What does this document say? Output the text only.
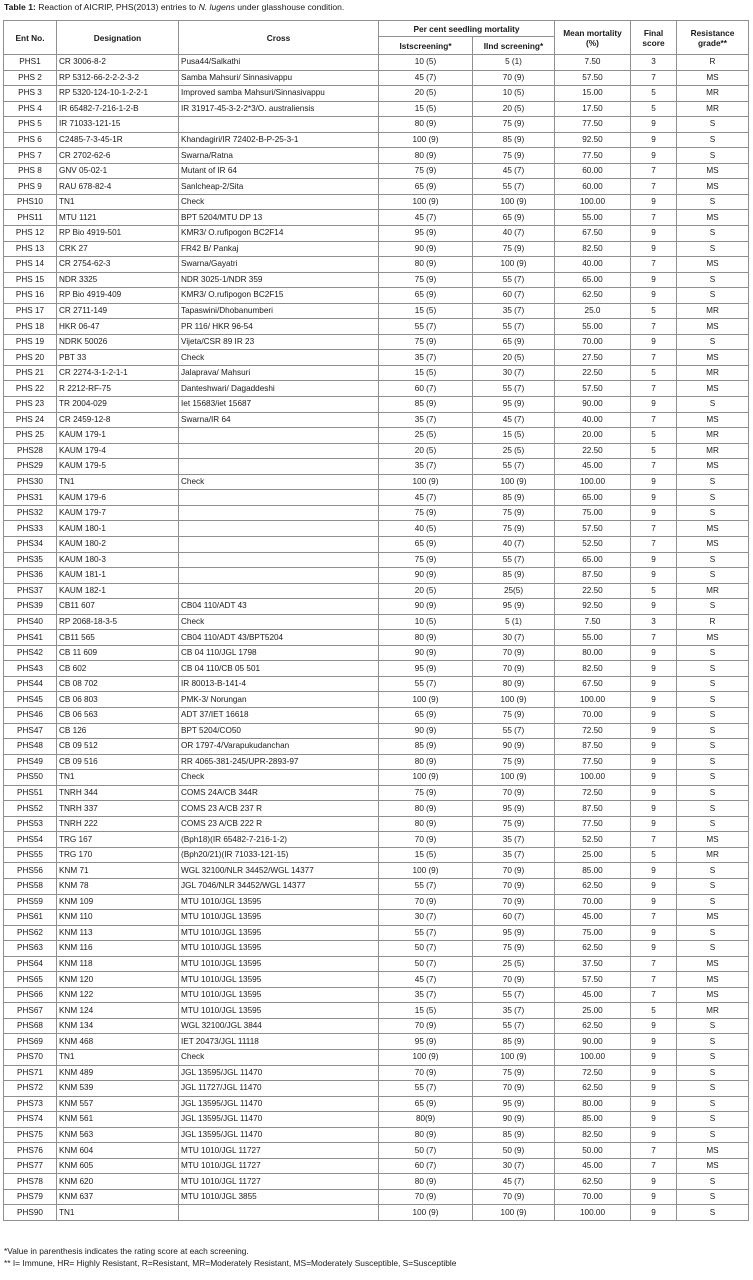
Table 1: Reaction of AICRIP, PHS(2013) entries to N. lugens under glasshouse condition.
Ent No.	Designation	Cross	Per cent seedling mortality		Mean mortality (%)	Final score	Resistance grade**
			Istscreening*	IInd screening*			
PHS1	CR 3006-8-2	Pusa44/Salkathi	10 (5)	5 (1)	7.50	3	R
PHS 2	RP 5312-66-2-2-2-3-2	Samba Mahsuri/ Sinnasivappu	45 (7)	70 (9)	57.50	7	MS
PHS 3	RP 5320-124-10-1-2-2-1	Improved samba Mahsuri/Sinnasivappu	20 (5)	10 (5)	15.00	5	MR
PHS 4	IR 65482-7-216-1-2-B	IR 31917-45-3-2-2*3/O. australiensis	15 (5)	20 (5)	17.50	5	MR
PHS 5	IR 71033-121-15		80 (9)	75 (9)	77.50	9	S
PHS 6	C2485-7-3-45-1R	Khandagiri/IR 72402-B-P-25-3-1	100 (9)	85 (9)	92.50	9	S
PHS 7	CR 2702-62-6	Swarna/Ratna	80 (9)	75 (9)	77.50	9	S
PHS 8	GNV 05-02-1	Mutant of IR 64	75 (9)	45 (7)	60.00	7	MS
PHS 9	RAU 678-82-4	Sanlcheap-2/Sita	65 (9)	55 (7)	60.00	7	MS
PHS10	TN1	Check	100 (9)	100 (9)	100.00	9	S
PHS11	MTU 1121	BPT 5204/MTU DP 13	45 (7)	65 (9)	55.00	7	MS
PHS 12	RP Bio 4919-501	KMR3/ O.rufipogon BC2F14	95 (9)	40 (7)	67.50	9	S
PHS 13	CRK 27	FR42 B/ Pankaj	90 (9)	75 (9)	82.50	9	S
PHS 14	CR 2754-62-3	Swarna/Gayatri	80 (9)	100 (9)	40.00	7	MS
PHS 15	NDR 3325	NDR 3025-1/NDR 359	75 (9)	55 (7)	65.00	9	S
PHS 16	RP Bio 4919-409	KMR3/ O.rufipogon BC2F15	65 (9)	60 (7)	62.50	9	S
PHS 17	CR 2711-149	Tapaswini/Dhobanumberi	15 (5)	35 (7)	25.0	5	MR
PHS 18	HKR 06-47	PR 116/ HKR 96-54	55 (7)	55 (7)	55.00	7	MS
PHS 19	NDRK 50026	Vijeta/CSR 89 IR 23	75 (9)	65 (9)	70.00	9	S
PHS 20	PBT 33	Check	35 (7)	20 (5)	27.50	7	MS
PHS 21	CR 2274-3-1-2-1-1	Jalaprava/ Mahsuri	15 (5)	30 (7)	22.50	5	MR
PHS 22	R 2212-RF-75	Danteshwari/ Dagaddeshi	60 (7)	55 (7)	57.50	7	MS
PHS 23	TR 2004-029	Iet 15683/iet 15687	85 (9)	95 (9)	90.00	9	S
PHS 24	CR 2459-12-8	Swarna/IR 64	35 (7)	45 (7)	40.00	7	MS
PHS 25	KAUM 179-1		25 (5)	15 (5)	20.00	5	MR
PHS28	KAUM 179-4		20 (5)	25 (5)	22.50	5	MR
PHS29	KAUM 179-5		35 (7)	55 (7)	45.00	7	MS
PHS30	TN1	Check	100 (9)	100 (9)	100.00	9	S
PHS31	KAUM 179-6		45 (7)	85 (9)	65.00	9	S
PHS32	KAUM 179-7		75 (9)	75 (9)	75.00	9	S
PHS33	KAUM 180-1		40 (5)	75 (9)	57.50	7	MS
PHS34	KAUM 180-2		65 (9)	40 (7)	52.50	7	MS
PHS35	KAUM 180-3		75 (9)	55 (7)	65.00	9	S
PHS36	KAUM 181-1		90 (9)	85 (9)	87.50	9	S
PHS37	KAUM 182-1		20 (5)	25(5)	22.50	5	MR
PHS39	CB11 607	CB04 110/ADT 43	90 (9)	95 (9)	92.50	9	S
PHS40	RP 2068-18-3-5	Check	10 (5)	5 (1)	7.50	3	R
PHS41	CB11 565	CB04 110/ADT 43/BPT5204	80 (9)	30 (7)	55.00	7	MS
PHS42	CB 11 609	CB 04 110/JGL 1798	90 (9)	70 (9)	80.00	9	S
PHS43	CB 602	CB 04 110/CB 05 501	95 (9)	70 (9)	82.50	9	S
PHS44	CB 08 702	IR 80013-B-141-4	55 (7)	80 (9)	67.50	9	S
PHS45	CB 06 803	PMK-3/ Norungan	100 (9)	100 (9)	100.00	9	S
PHS46	CB 06 563	ADT 37/IET 16618	65 (9)	75 (9)	70.00	9	S
PHS47	CB 126	BPT 5204/CO50	90 (9)	55 (7)	72.50	9	S
PHS48	CB 09 512	OR 1797-4/Varapukudanchan	85 (9)	90 (9)	87.50	9	S
PHS49	CB 09 516	RR 4065-381-245/UPR-2893-97	80 (9)	75 (9)	77.50	9	S
PHS50	TN1	Check	100 (9)	100 (9)	100.00	9	S
PHS51	TNRH 344	COMS 24A/CB 344R	75 (9)	70 (9)	72.50	9	S
PHS52	TNRH 337	COMS 23 A/CB 237 R	80 (9)	95 (9)	87.50	9	S
PHS53	TNRH 222	COMS 23 A/CB 222 R	80 (9)	75 (9)	77.50	9	S
PHS54	TRG 167	(Bph18)(IR 65482-7-216-1-2)	70 (9)	35 (7)	52.50	7	MS
PHS55	TRG 170	(Bph20/21)(IR 71033-121-15)	15 (5)	35 (7)	25.00	5	MR
PHS56	KNM 71	WGL 32100/NLR 34452/WGL 14377	100 (9)	70 (9)	85.00	9	S
PHS58	KNM 78	JGL 7046/NLR 34452/WGL 14377	55 (7)	70 (9)	62.50	9	S
PHS59	KNM 109	MTU 1010/JGL 13595	70 (9)	70 (9)	70.00	9	S
PHS61	KNM 110	MTU 1010/JGL 13595	30 (7)	60 (7)	45.00	7	MS
PHS62	KNM 113	MTU 1010/JGL 13595	55 (7)	95 (9)	75.00	9	S
PHS63	KNM 116	MTU 1010/JGL 13595	50 (7)	75 (9)	62.50	9	S
PHS64	KNM 118	MTU 1010/JGL 13595	50 (7)	25 (5)	37.50	7	MS
PHS65	KNM 120	MTU 1010/JGL 13595	45 (7)	70 (9)	57.50	7	MS
PHS66	KNM 122	MTU 1010/JGL 13595	35 (7)	55 (7)	45.00	7	MS
PHS67	KNM 124	MTU 1010/JGL 13595	15 (5)	35 (7)	25.00	5	MR
PHS68	KNM 134	WGL 32100/JGL 3844	70 (9)	55 (7)	62.50	9	S
PHS69	KNM 468	IET 20473/JGL 11118	95 (9)	85 (9)	90.00	9	S
PHS70	TN1	Check	100 (9)	100 (9)	100.00	9	S
PHS71	KNM 489	JGL 13595/JGL 11470	70 (9)	75 (9)	72.50	9	S
PHS72	KNM 539	JGL 11727/JGL 11470	55 (7)	70 (9)	62.50	9	S
PHS73	KNM 557	JGL 13595/JGL 11470	65 (9)	95 (9)	80.00	9	S
PHS74	KNM 561	JGL 13595/JGL 11470	80(9)	90 (9)	85.00	9	S
PHS75	KNM 563	JGL 13595/JGL 11470	80 (9)	85 (9)	82.50	9	S
PHS76	KNM 604	MTU 1010/JGL 11727	50 (7)	50 (9)	50.00	7	MS
PHS77	KNM 605	MTU 1010/JGL 11727	60 (7)	30 (7)	45.00	7	MS
PHS78	KNM 620	MTU 1010/JGL 11727	80 (9)	45 (7)	62.50	9	S
PHS79	KNM 637	MTU 1010/JGL 3855	70 (9)	70 (9)	70.00	9	S
PHS90	TN1		100 (9)	100 (9)	100.00	9	S
*Value in parenthesis indicates the rating score at each screening.
** I= Immune, HR= Highly Resistant, R=Resistant, MR=Moderately Resistant, MS=Moderately Susceptible, S=Susceptible
